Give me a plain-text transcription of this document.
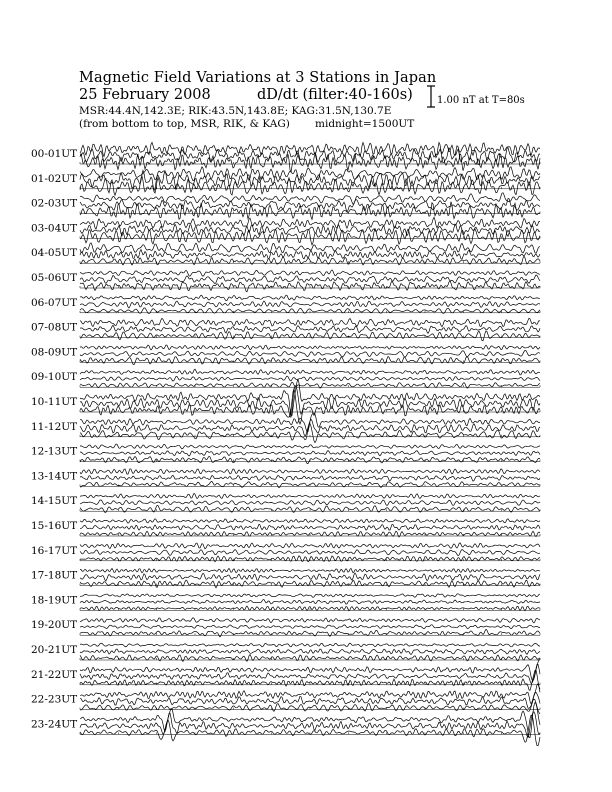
Magnetic Field Variations at 3 Stations in Japan
25 February 2008	dD/dt (filter:40-160s)
MSR:44.4N,142.3E; RIK:43.5N,143.8E; KAG:31.5N,130.7E
(from bottom to top, MSR, RIK, & KAG) midnight=1500UT
1.00 nT at T=80s
00-01UT
01-02UT
02-03UT
03-04UT
04-05UT
05-06UT
06-07UT
07-08UT
08-09UT
09-10UT
10-11UT
11-12UT
12-13UT
13-14UT
14-15UT
15-16UT
16-17UT
17-18UT
18-19UT
19-20UT
20-21UT
21-22UT
22-23UT
23-24UT
